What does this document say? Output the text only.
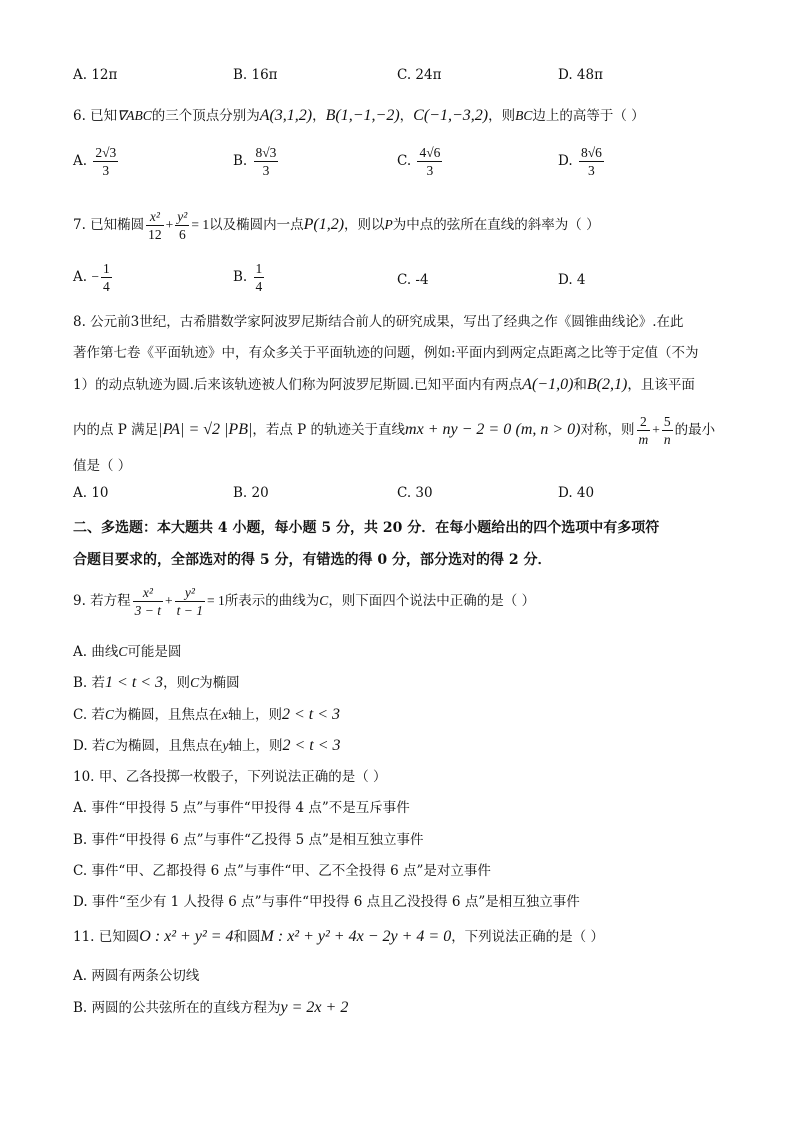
A. 12π	B. 16π	C. 24π	D. 48π
6. 已知∇ABC的三个顶点分别为A(3,1,2)，B(1,−1,−2)，C(−1,−3,2)，则BC边上的高等于（ ）
A. $\frac{2√3}{3}$	B. $\frac{8√3}{3}$	C. $\frac{4√6}{3}$	D. $\frac{8√6}{3}$
7. 已知椭圆 $\frac{\text{x²}}{12} + \frac{\text{y²}}{6} = 1$以及椭圆内一点P(1,2)，则以P为中点的弦所在直线的斜率为（ ）
A. − $\frac{1}{4}$	B. $\frac{1}{4}$	C. -4	D. 4
8. 公元前3世纪，古希腊数学家阿波罗尼斯结合前人的研究成果，写出了经典之作《圆锥曲线论》.在此
著作第七卷《平面轨迹》中，有众多关于平面轨迹的问题，例如:平面内到两定点距离之比等于定值（不为
1）的动点轨迹为圆.后来该轨迹被人们称为阿波罗尼斯圆.已知平面内有两点A(−1,0)和B(2,1)，且该平面
内的点 P 满足|PA| = √2 |PB|，若点 P 的轨迹关于直线mx + ny − 2 = 0 (m, n > 0)对称，则 $\frac{2}{m} + \frac{5}{n}$ 的最小
值是（ ）
A. 10	B. 20	C. 30	D. 40
二、多选题：本大题共 4 小题，每小题 5 分，共 20 分．在每小题给出的四个选项中有多项符
合题目要求的，全部选对的得 5 分，有错选的得 0 分，部分选对的得 2 分．
9. 若方程 $\frac{\text{x²}}{3 - t} + \frac{\text{y²}}{t - 1} = 1$所表示的曲线为C，则下面四个说法中正确的是（ ）
A. 曲线C可能是圆
B. 若1 < t < 3，则C为椭圆
C. 若C为椭圆，且焦点在x轴上，则2 < t < 3
D. 若C为椭圆，且焦点在y轴上，则2 < t < 3
10. 甲、乙各投掷一枚骰子，下列说法正确的是（ ）
A. 事件“甲投得 5 点”与事件“甲投得 4 点”不是互斥事件
B. 事件“甲投得 6 点”与事件“乙投得 5 点”是相互独立事件
C. 事件“甲、乙都投得 6 点”与事件“甲、乙不全投得 6 点”是对立事件
D. 事件“至少有 1 人投得 6 点”与事件“甲投得 6 点且乙没投得 6 点”是相互独立事件
11. 已知圆O : x² + y² = 4和圆M : x² + y² + 4x − 2y + 4 = 0，下列说法正确的是（ ）
A. 两圆有两条公切线
B. 两圆的公共弦所在的直线方程为y = 2x + 2
